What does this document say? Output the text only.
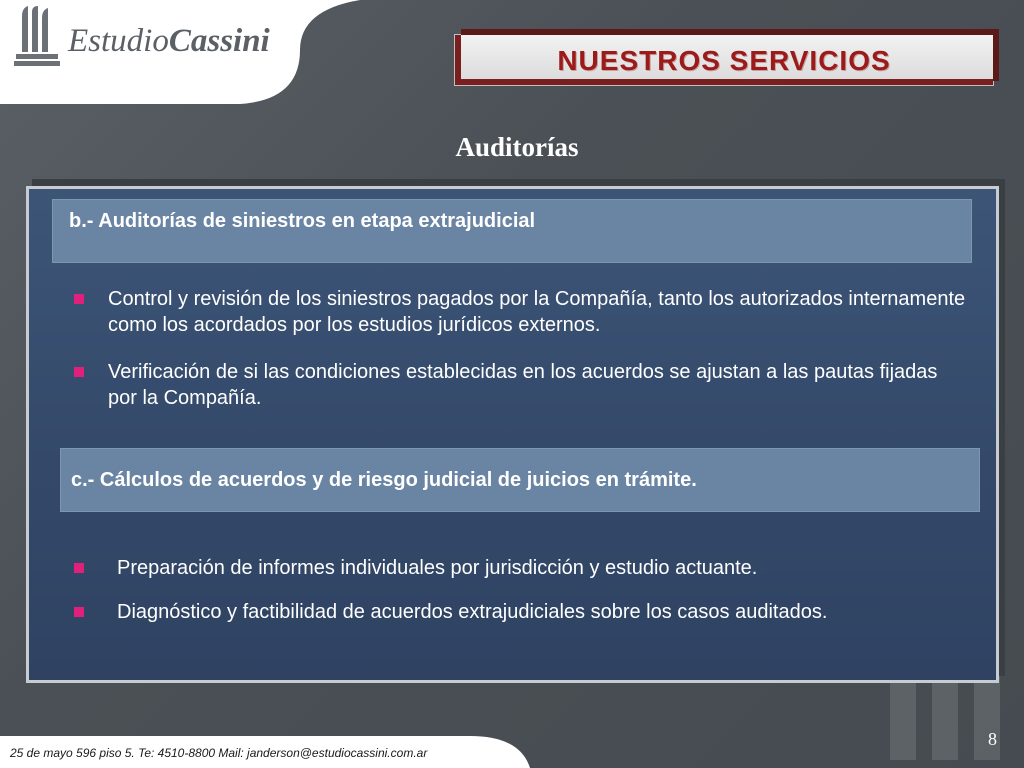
EstudioCassini
NUESTROS SERVICIOS
Auditorías
b.- Auditorías de siniestros en etapa extrajudicial
Control y revisión de los siniestros pagados por la Compañía, tanto los autorizados internamente como los acordados por los estudios jurídicos externos.
Verificación de si las condiciones establecidas en los acuerdos se ajustan a las pautas fijadas por la Compañía.
c.- Cálculos de acuerdos y de riesgo judicial de juicios en trámite.
Preparación de informes individuales por jurisdicción y estudio actuante.
Diagnóstico y factibilidad de acuerdos extrajudiciales sobre los casos auditados.
25 de mayo 596 piso 5. Te: 4510-8800 Mail: janderson@estudiocassini.com.ar
8
